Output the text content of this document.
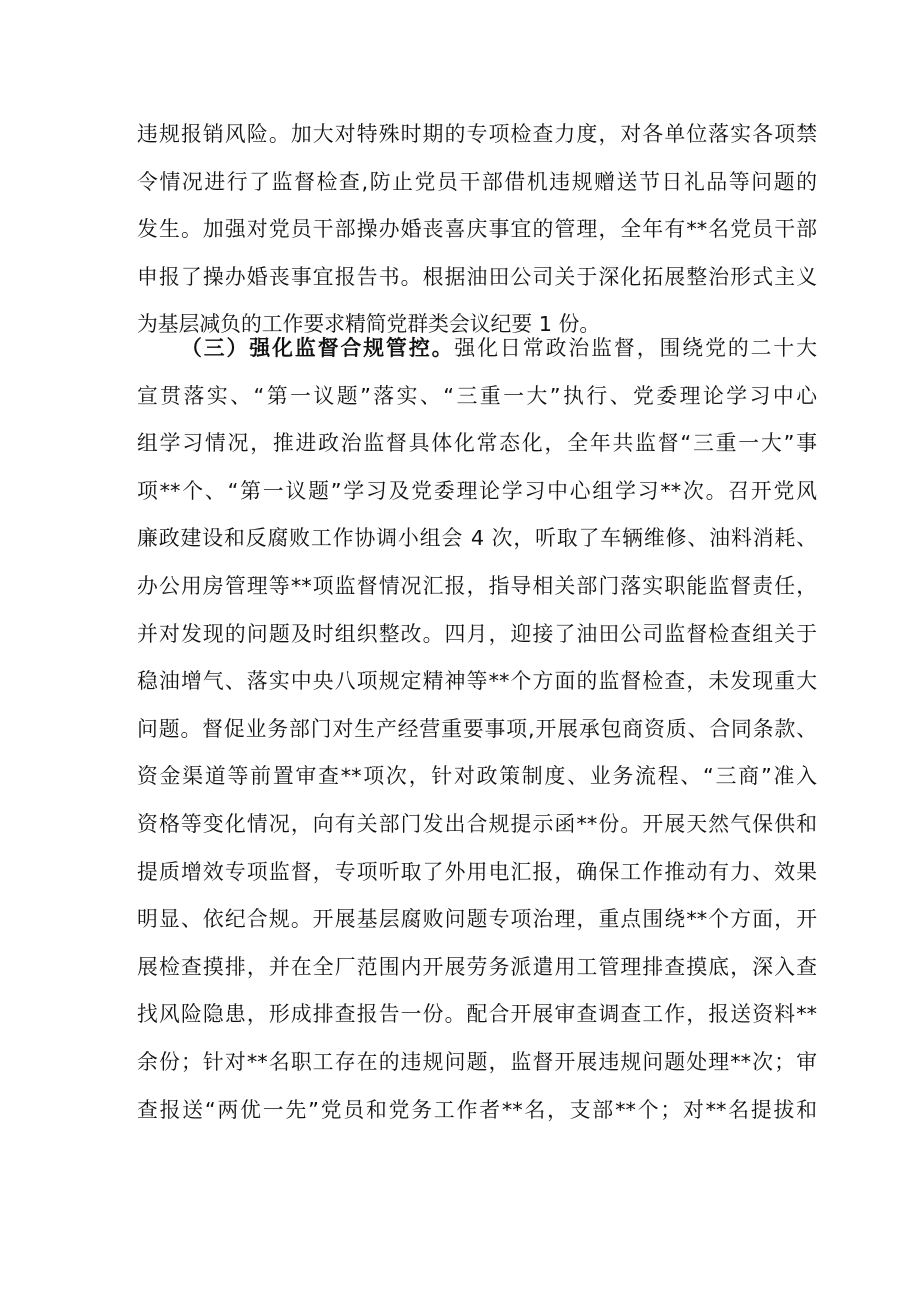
违规报销风险。加大对特殊时期的专项检查力度，对各单位落实各项禁
令情况进行了监督检查,防止党员干部借机违规赠送节日礼品等问题的
发生。加强对党员干部操办婚丧喜庆事宜的管理，全年有**名党员干部
申报了操办婚丧事宜报告书。根据油田公司关于深化拓展整治形式主义
为基层减负的工作要求精简党群类会议纪要 1 份。
（三）强化监督合规管控。强化日常政治监督，围绕党的二十大
宣贯落实、“第一议题”落实、“三重一大”执行、党委理论学习中心
组学习情况，推进政治监督具体化常态化，全年共监督“三重一大”事
项**个、“第一议题”学习及党委理论学习中心组学习**次。召开党风
廉政建设和反腐败工作协调小组会 4 次，听取了车辆维修、油料消耗、
办公用房管理等**项监督情况汇报，指导相关部门落实职能监督责任，
并对发现的问题及时组织整改。四月，迎接了油田公司监督检查组关于
稳油增气、落实中央八项规定精神等**个方面的监督检查，未发现重大
问题。督促业务部门对生产经营重要事项,开展承包商资质、合同条款、
资金渠道等前置审查**项次，针对政策制度、业务流程、“三商”准入
资格等变化情况，向有关部门发出合规提示函**份。开展天然气保供和
提质增效专项监督，专项听取了外用电汇报，确保工作推动有力、效果
明显、依纪合规。开展基层腐败问题专项治理，重点围绕**个方面，开
展检查摸排，并在全厂范围内开展劳务派遣用工管理排查摸底，深入查
找风险隐患，形成排查报告一份。配合开展审查调查工作，报送资料**
余份；针对**名职工存在的违规问题，监督开展违规问题处理**次；审
查报送“两优一先”党员和党务工作者**名，支部**个；对**名提拔和
